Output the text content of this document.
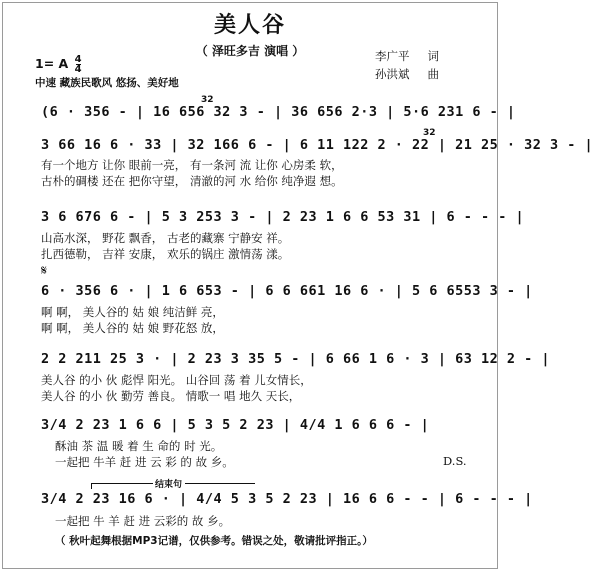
美人谷
（ 泽旺多吉 演唱 ）	李广平 词
孙洪斌 曲
1= A $\frac{4}{4}$
中速 藏族民歌风 悠扬、美好地
32
(6 · 356 - | 16 656 32 3 - | 36 656 2·3 | 5·6 231 6 - |
32
3 66 16 6 · 33 | 32 166 6 - | 6 11 122 2 · 22 | 21 25 · 32 3 - |
有一个地方 让你 眼前一亮， 有一条河 流 让你 心房柔 软，
古朴的碉楼 还在 把你守望， 清澈的河 水 给你 纯净遐 想。
3 6 676 6 - | 5 3 253 3 - | 2 23 1 6 6 53 31 | 6 - - - |
山高水深， 野花 飘香， 古老的藏寨 宁静安 祥。
扎西德勒， 吉祥 安康， 欢乐的锅庄 激情荡 漾。
𝄋
6 · 356 6 · | 1 6 653 - | 6 6 661 16 6 · | 5 6 6553 3 - |
啊 啊， 美人谷的 姑 娘 纯洁鲜 亮，
啊 啊， 美人谷的 姑 娘 野花怒 放，
2 2 211 25 3 · | 2 23 3 35 5 - | 6 66 1 6 · 3 | 63 12 2 - |
美人谷 的小 伙 彪悍 阳光。 山谷回 荡 着 儿女情长，
美人谷 的小 伙 勤劳 善良。 情歌一 唱 地久 天长，
3/4 2 23 1 6 6 | 5 3 5 2 23 | 4/4 1 6 6 6 - |
酥油 茶 温 暖 着 生 命的 时 光。
一起把 牛羊 赶 进 云 彩 的 故 乡。	D.S.
结束句
3/4 2 23 16 6 · | 4/4 5 3 5 2 23 | 16 6 6 - - | 6 - - - |
一起把 牛 羊 赶 进 云彩的 故 乡。
（ 秋叶起舞根据MP3记谱，仅供参考。错误之处，敬请批评指正。）
